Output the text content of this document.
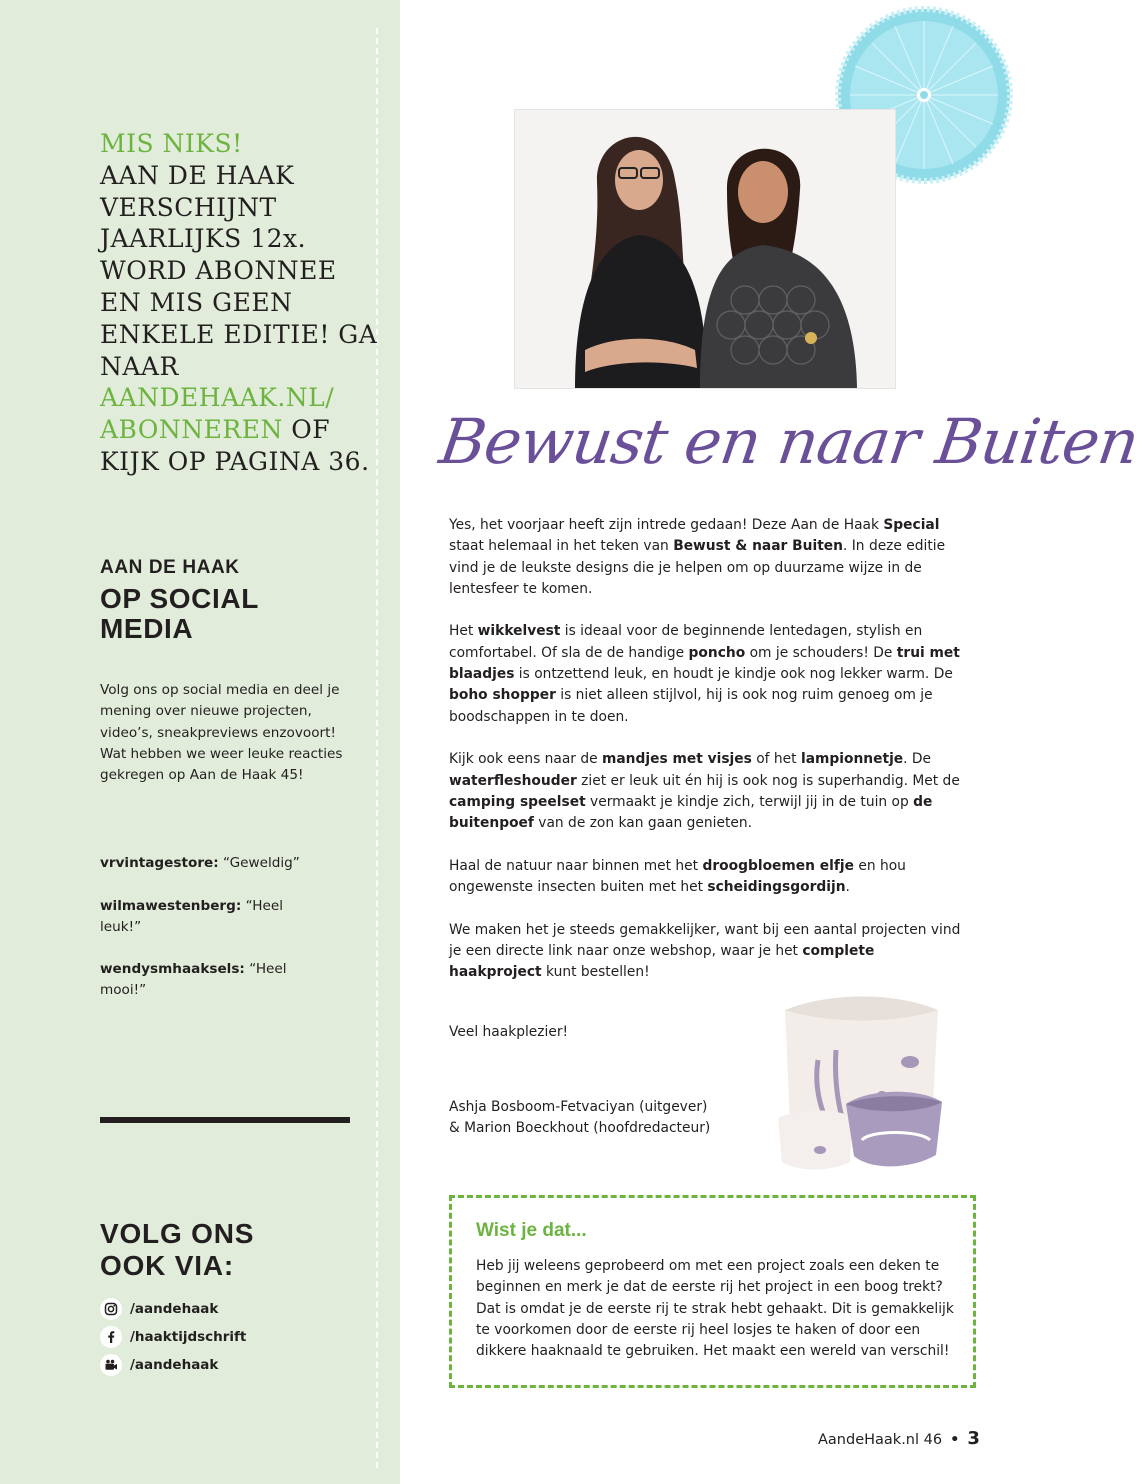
MIS NIKS!
AAN DE HAAK VERSCHIJNT JAARLIJKS 12x. WORD ABONNEE EN MIS GEEN ENKELE EDITIE! GA NAAR
AANDEHAAK.NL/
ABONNEREN OF
KIJK OP PAGINA 36.
AAN DE HAAK
OP SOCIAL
MEDIA
Volg ons op social media en deel je mening over nieuwe projecten, video’s, sneakpreviews enzovoort! Wat hebben we weer leuke reacties gekregen op Aan de Haak 45!
vrvintagestore: “Geweldig”
wilmawestenberg: “Heel leuk!”
wendysmhaaksels: “Heel mooi!”
VOLG ONS
OOK VIA:
/aandehaak
/haaktijdschrift
/aandehaak
Bewust en naar Buiten

Yes, het voorjaar heeft zijn intrede gedaan! Deze Aan de Haak Special staat helemaal in het teken van Bewust & naar Buiten. In deze editie vind je de leukste designs die je helpen om op duurzame wijze in de lentesfeer te komen.

Het wikkelvest is ideaal voor de beginnende lentedagen, stylish en comfortabel. Of sla de de handige poncho om je schouders! De trui met blaadjes is ontzettend leuk, en houdt je kindje ook nog lekker warm. De boho shopper is niet alleen stijlvol, hij is ook nog ruim genoeg om je boodschappen in te doen.

Kijk ook eens naar de mandjes met visjes of het lampionnetje. De waterfleshouder ziet er leuk uit én hij is ook nog is superhandig. Met de camping speelset vermaakt je kindje zich, terwijl jij in de tuin op de buitenpoef van de zon kan gaan genieten.

Haal de natuur naar binnen met het droogbloemen elfje en hou ongewenste insecten buiten met het scheidingsgordijn.

We maken het je steeds gemakkelijker, want bij een aantal projecten vind je een directe link naar onze webshop, waar je het complete haakproject kunt bestellen!

Veel haakplezier!
Ashja Bosboom-Fetvaciyan (uitgever)
& Marion Boeckhout (hoofdredacteur)
Wist je dat...
Heb jij weleens geprobeerd om met een project zoals een deken te beginnen en merk je dat de eerste rij het project in een boog trekt? Dat is omdat je de eerste rij te strak hebt gehaakt. Dit is gemakkelijk te voorkomen door de eerste rij heel losjes te haken of door een dikkere haaknaald te gebruiken. Het maakt een wereld van verschil!
AandeHaak.nl 46 • 3
